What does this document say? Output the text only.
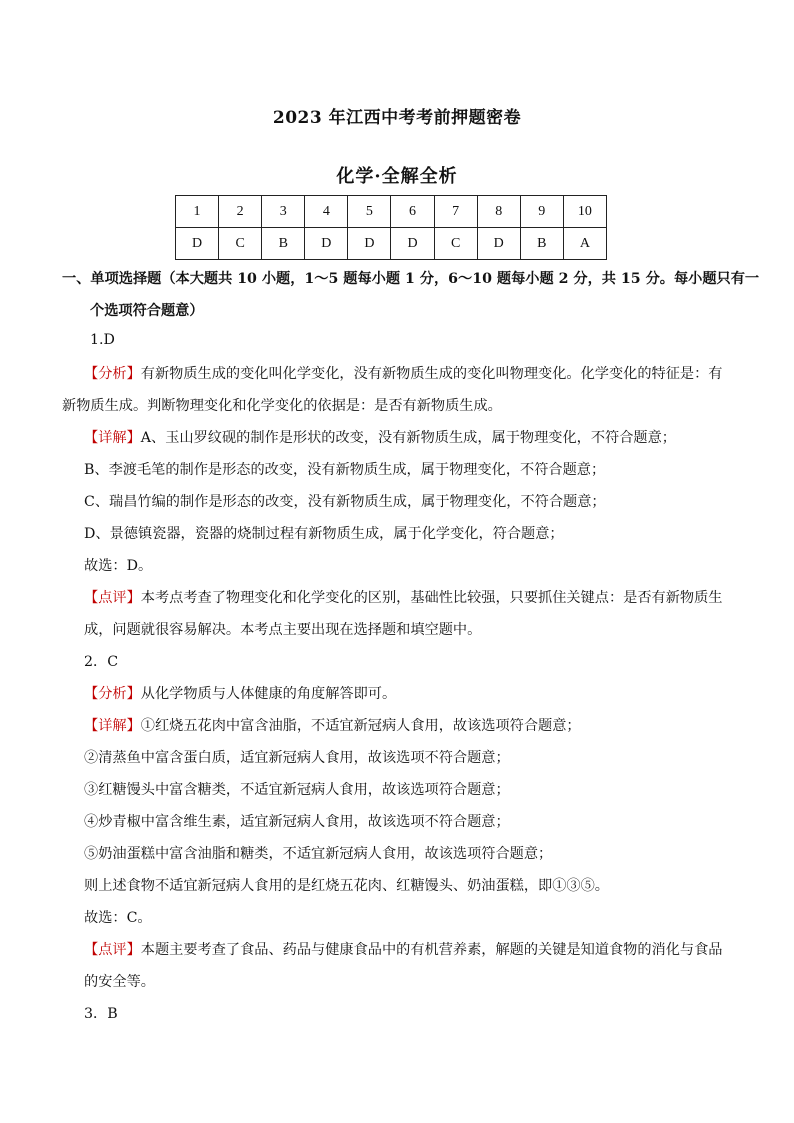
2023 年江西中考考前押题密卷
化学·全解全析
1	2	3	4	5	6	7	8	9	10
D	C	B	D	D	D	C	D	B	A
一、单项选择题（本大题共 10 小题，1～5 题每小题 1 分，6～10 题每小题 2 分，共 15 分。每小题只有一
个选项符合题意）
1.D
【分析】有新物质生成的变化叫化学变化，没有新物质生成的变化叫物理变化。化学变化的特征是：有
新物质生成。判断物理变化和化学变化的依据是：是否有新物质生成。
【详解】A、玉山罗纹砚的制作是形状的改变，没有新物质生成，属于物理变化，不符合题意；
B、李渡毛笔的制作是形态的改变，没有新物质生成，属于物理变化，不符合题意；
C、瑞昌竹编的制作是形态的改变，没有新物质生成，属于物理变化，不符合题意；
D、景德镇瓷器，瓷器的烧制过程有新物质生成，属于化学变化，符合题意；
故选：D。
【点评】本考点考查了物理变化和化学变化的区别，基础性比较强，只要抓住关键点：是否有新物质生
成，问题就很容易解决。本考点主要出现在选择题和填空题中。
2．C
【分析】从化学物质与人体健康的角度解答即可。
【详解】①红烧五花肉中富含油脂，不适宜新冠病人食用，故该选项符合题意；
②清蒸鱼中富含蛋白质，适宜新冠病人食用，故该选项不符合题意；
③红糖馒头中富含糖类，不适宜新冠病人食用，故该选项符合题意；
④炒青椒中富含维生素，适宜新冠病人食用，故该选项不符合题意；
⑤奶油蛋糕中富含油脂和糖类，不适宜新冠病人食用，故该选项符合题意；
则上述食物不适宜新冠病人食用的是红烧五花肉、红糖馒头、奶油蛋糕，即①③⑤。
故选：C。
【点评】本题主要考查了食品、药品与健康食品中的有机营养素，解题的关键是知道食物的消化与食品
的安全等。
3．B
